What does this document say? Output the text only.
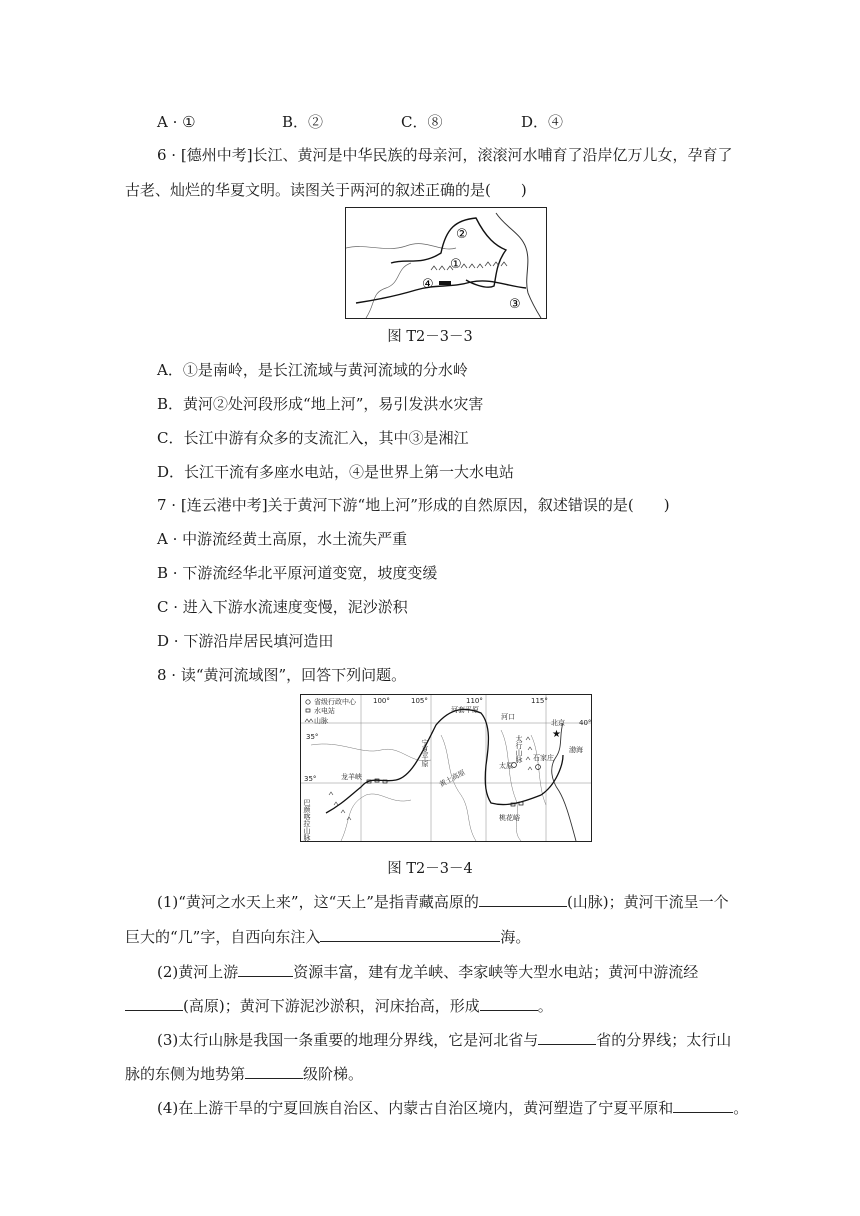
A · ①	B．②	C．⑧	D．④
6 · [德州中考]长江、黄河是中华民族的母亲河，滚滚河水哺育了沿岸亿万儿女，孕育了
古老、灿烂的华夏文明。读图关于两河的叙述正确的是(　　)
②
①
④
③
图 T2－3－3
A．①是南岭，是长江流域与黄河流域的分水岭
B．黄河②处河段形成“地上河”，易引发洪水灾害
C．长江中游有众多的支流汇入，其中③是湘江
D．长江干流有多座水电站，④是世界上第一大水电站
7 · [连云港中考]关于黄河下游“地上河”形成的自然原因，叙述错误的是(　　)
A · 中游流经黄土高原，水土流失严重
B · 下游流经华北平原河道变宽，坡度变缓
C · 进入下游水流速度变慢，泥沙淤积
D · 下游沿岸居民填河造田
8 · 读“黄河流域图”，回答下列问题。
省级行政中心
水电站
山脉
100°	105°	110°	115°
40°
35°
35°	★
河套平原
河口
北京
宁夏平原	太行山脉
太原
石家庄
渤海
龙羊峡	黄土高原
桃花峪
巴颜喀拉山脉
图 T2－3－4
(1)“黄河之水天上来”，这“天上”是指青藏高原的	(山脉)；黄河干流呈一个
巨大的“几”字，自西向东注入	海。
(2)黄河上游	资源丰富，建有龙羊峡、李家峡等大型水电站；黄河中游流经
(高原)；黄河下游泥沙淤积，河床抬高，形成	。
(3)太行山脉是我国一条重要的地理分界线，它是河北省与	省的分界线；太行山
脉的东侧为地势第	级阶梯。
(4)在上游干旱的宁夏回族自治区、内蒙古自治区境内，黄河塑造了宁夏平原和	。
